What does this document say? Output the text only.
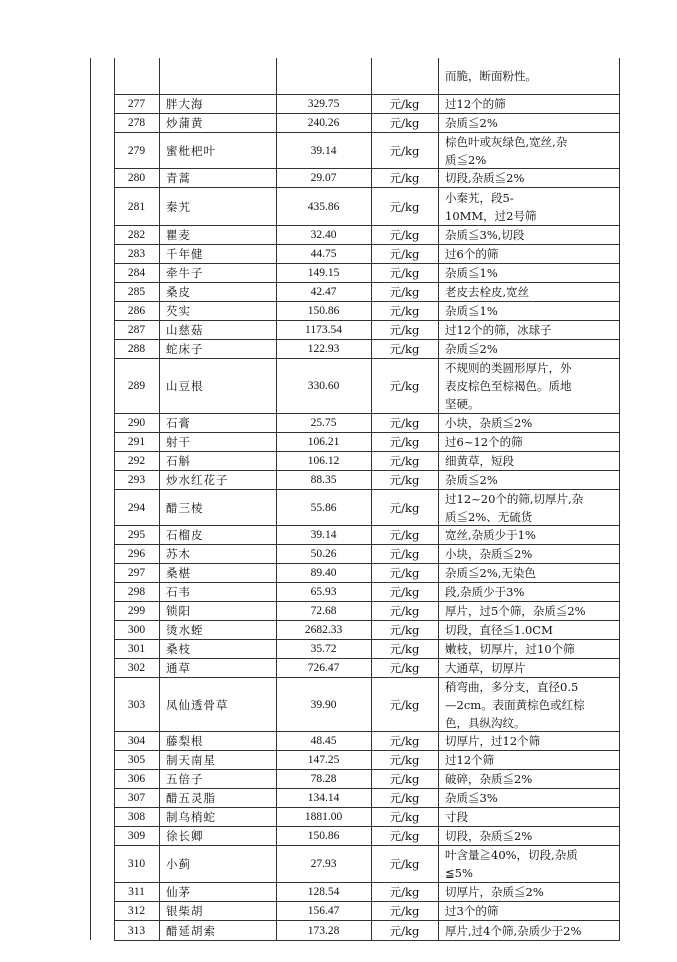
而脆，断面粉性。
277	胖大海	329.75	元/kg	过12个的筛
278	炒蒲黄	240.26	元/kg	杂质≦2%
279	蜜枇杷叶	39.14	元/kg
棕色叶或灰绿色,宽丝,杂
质≦2%
280	青蒿	29.07	元/kg	切段,杂质≦2%
281	秦艽	435.86	元/kg
小秦艽，段5-
10MM，过2号筛
282	瞿麦	32.40	元/kg	杂质≦3%,切段
283	千年健	44.75	元/kg	过6个的筛
284	牵牛子	149.15	元/kg	杂质≦1%
285	桑皮	42.47	元/kg	老皮去栓皮,宽丝
286	芡实	150.86	元/kg	杂质≦1%
287	山慈菇	1173.54	元/kg	过12个的筛，冰球子
288	蛇床子	122.93	元/kg	杂质≦2%
289	山豆根	330.60	元/kg
不规则的类圆形厚片，外
表皮棕色至棕褐色。质地
坚硬。
290	石膏	25.75	元/kg	小块，杂质≦2%
291	射干	106.21	元/kg	过6~12个的筛
292	石斛	106.12	元/kg	细黄草，短段
293	炒水红花子	88.35	元/kg	杂质≦2%
294	醋三棱	55.86	元/kg
过12~20个的筛,切厚片,杂
质≦2%、无硫货
295	石榴皮	39.14	元/kg	宽丝,杂质少于1%
296	苏木	50.26	元/kg	小块，杂质≦2%
297	桑椹	89.40	元/kg	杂质≦2%,无染色
298	石韦	65.93	元/kg	段,杂质少于3%
299	锁阳	72.68	元/kg	厚片，过5个筛，杂质≦2%
300	烫水蛭	2682.33	元/kg	切段，直径≦1.0CM
301	桑枝	35.72	元/kg	嫩枝，切厚片，过10个筛
302	通草	726.47	元/kg	大通草，切厚片
303	凤仙透骨草	39.90	元/kg
稍弯曲，多分支，直径0.5
—2cm。表面黄棕色或红棕
色，具纵沟纹。
304	藤梨根	48.45	元/kg	切厚片，过12个筛
305	制天南星	147.25	元/kg	过12个筛
306	五倍子	78.28	元/kg	破碎，杂质≦2%
307	醋五灵脂	134.14	元/kg	杂质≦3%
308	制乌梢蛇	1881.00	元/kg	寸段
309	徐长卿	150.86	元/kg	切段，杂质≦2%
310	小蓟	27.93	元/kg
叶含量≧40%，切段,杂质
≦5%
311	仙茅	128.54	元/kg	切厚片，杂质≦2%
312	银柴胡	156.47	元/kg	过3个的筛
313	醋延胡索	173.28	元/kg	厚片,过4个筛,杂质少于2%
